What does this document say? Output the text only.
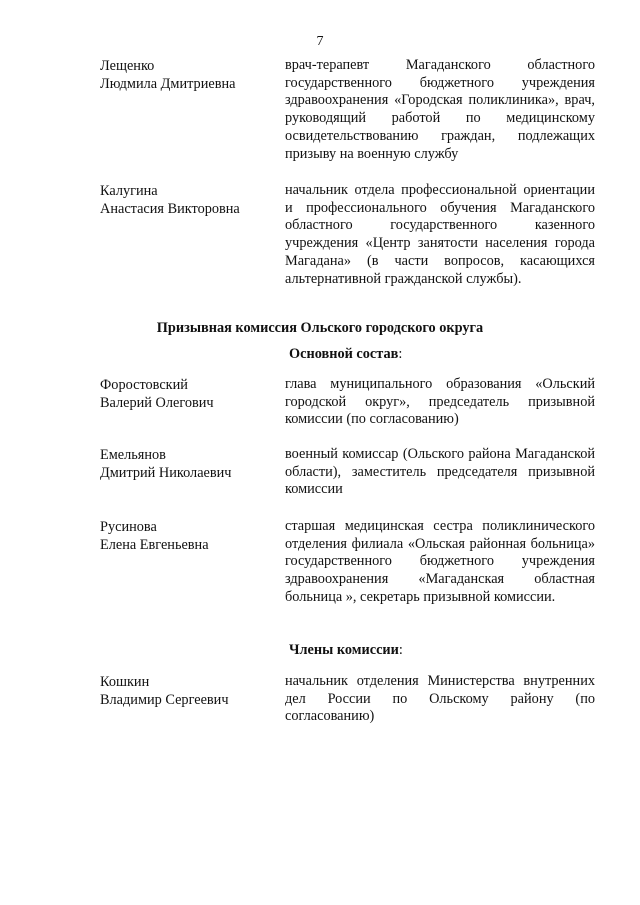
7
Лещенко
Людмила Дмитриевна
врач-терапевт Магаданского областного государственного бюджетного учреждения здравоохранения «Городская поликлиника», врач, руководящий работой по медицинскому освидетельствованию граждан, подлежащих призыву на военную службу
Калугина
Анастасия Викторовна
начальник отдела профессиональной ориентации и профессионального обучения Магаданского областного государственного казенного учреждения «Центр занятости населения города Магадана» (в части вопросов, касающихся альтернативной гражданской службы).
Призывная комиссия Ольского городского округа
Основной состав:
Форостовский
Валерий Олегович
глава муниципального образования «Ольский городской округ», председатель призывной комиссии (по согласованию)
Емельянов
Дмитрий Николаевич
военный комиссар (Ольского района Магаданской области), заместитель председателя призывной комиссии
Русинова
Елена Евгеньевна
старшая медицинская сестра поликлинического отделения филиала «Ольская районная больница» государственного бюджетного учреждения здравоохранения «Магаданская областная больница », секретарь призывной комиссии.
Члены комиссии:
Кошкин
Владимир Сергеевич
начальник отделения Министерства внутренних дел России по Ольскому району (по согласованию)
